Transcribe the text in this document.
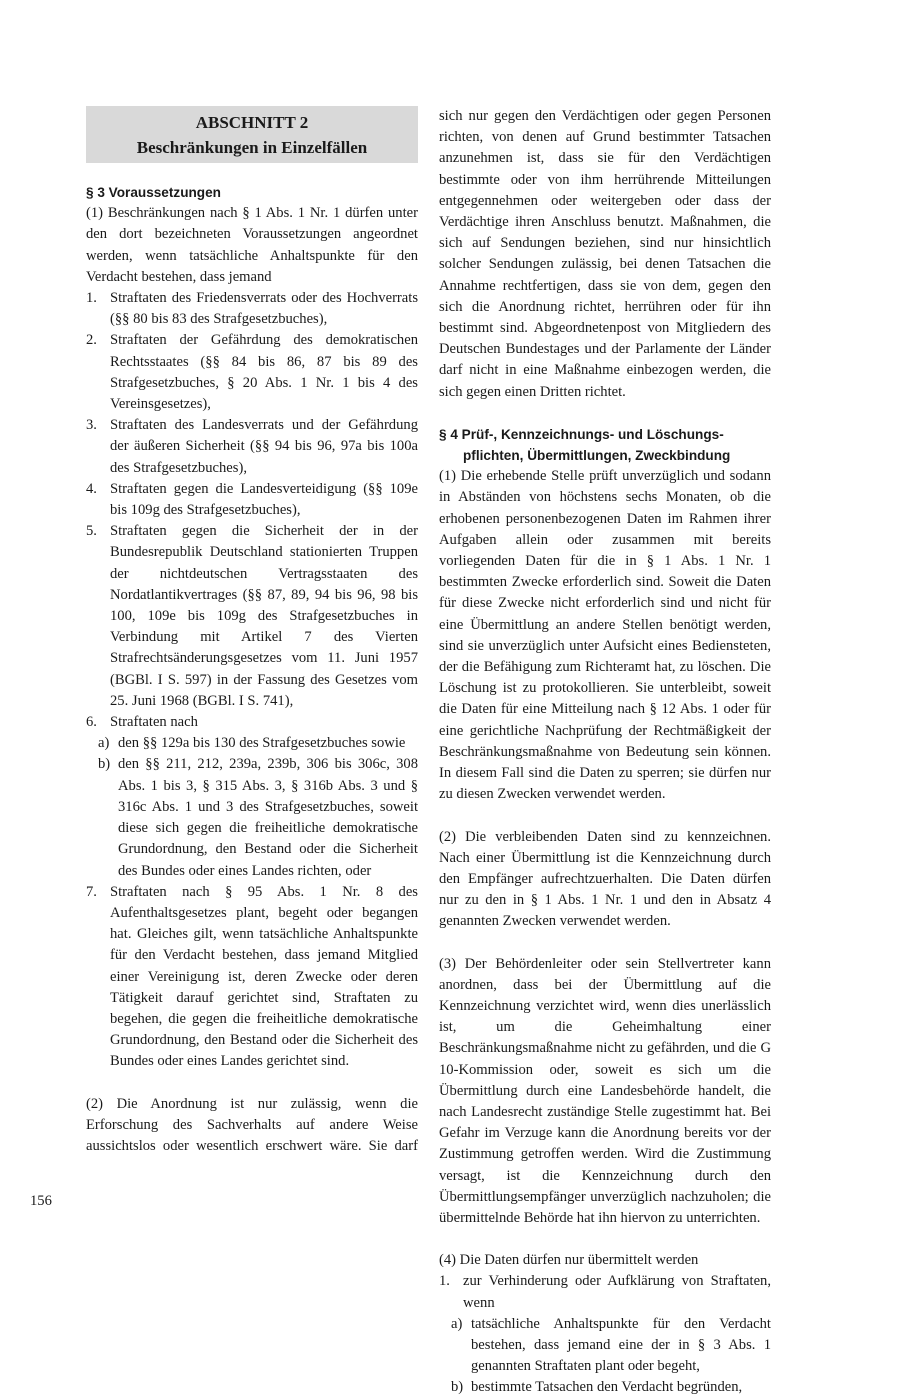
ABSCHNITT 2
Beschränkungen in Einzelfällen
§ 3 Voraussetzungen

(1) Beschränkungen nach § 1 Abs. 1 Nr. 1 dürfen unter den dort bezeichneten Voraussetzungen angeordnet werden, wenn tatsächliche Anhaltspunkte für den Verdacht bestehen, dass jemand

1. Straftaten des Friedensverrats oder des Hochverrats (§§ 80 bis 83 des Strafgesetzbuches),
2. Straftaten der Gefährdung des demokratischen Rechtsstaates (§§ 84 bis 86, 87 bis 89 des Strafgesetzbuches, § 20 Abs. 1 Nr. 1 bis 4 des Vereinsgesetzes),
3. Straftaten des Landesverrats und der Gefährdung der äußeren Sicherheit (§§ 94 bis 96, 97a bis 100a des Strafgesetzbuches),
4. Straftaten gegen die Landesverteidigung (§§ 109e bis 109g des Strafgesetzbuches),
5. Straftaten gegen die Sicherheit der in der Bundesrepublik Deutschland stationierten Truppen der nichtdeutschen Vertragsstaaten des Nordatlantikvertrages (§§ 87, 89, 94 bis 96, 98 bis 100, 109e bis 109g des Strafgesetzbuches in Verbindung mit Artikel 7 des Vierten Strafrechtsänderungsgesetzes vom 11. Juni 1957 (BGBl. I S. 597) in der Fassung des Gesetzes vom 25. Juni 1968 (BGBl. I S. 741),
6. Straftaten nach
a) den §§ 129a bis 130 des Strafgesetzbuches sowie
b) den §§ 211, 212, 239a, 239b, 306 bis 306c, 308 Abs. 1 bis 3, § 315 Abs. 3, § 316b Abs. 3 und § 316c Abs. 1 und 3 des Strafgesetzbuches, soweit diese sich gegen die freiheitliche demokratische Grundordnung, den Bestand oder die Sicherheit des Bundes oder eines Landes richten, oder
7. Straftaten nach § 95 Abs. 1 Nr. 8 des Aufenthaltsgesetzes plant, begeht oder begangen hat. Gleiches gilt, wenn tatsächliche Anhaltspunkte für den Verdacht bestehen, dass jemand Mitglied einer Vereinigung ist, deren Zwecke oder deren Tätigkeit darauf gerichtet sind, Straftaten zu begehen, die gegen die freiheitliche demokratische Grundordnung, den Bestand oder die Sicherheit des Bundes oder eines Landes gerichtet sind.

(2) Die Anordnung ist nur zulässig, wenn die Erforschung des Sachverhalts auf andere Weise aussichtslos oder wesentlich erschwert wäre. Sie darf

sich nur gegen den Verdächtigen oder gegen Personen richten, von denen auf Grund bestimmter Tatsachen anzunehmen ist, dass sie für den Verdächtigen bestimmte oder von ihm herrührende Mitteilungen entgegennehmen oder weitergeben oder dass der Verdächtige ihren Anschluss benutzt. Maßnahmen, die sich auf Sendungen beziehen, sind nur hinsichtlich solcher Sendungen zulässig, bei denen Tatsachen die Annahme rechtfertigen, dass sie von dem, gegen den sich die Anordnung richtet, herrühren oder für ihn bestimmt sind. Abgeordnetenpost von Mitgliedern des Deutschen Bundestages und der Parlamente der Länder darf nicht in eine Maßnahme einbezogen werden, die sich gegen einen Dritten richtet.

§ 4 Prüf-, Kennzeichnungs- und Löschungs-
pflichten, Übermittlungen, Zweckbindung

(1) Die erhebende Stelle prüft unverzüglich und sodann in Abständen von höchstens sechs Monaten, ob die erhobenen personenbezogenen Daten im Rahmen ihrer Aufgaben allein oder zusammen mit bereits vorliegenden Daten für die in § 1 Abs. 1 Nr. 1 bestimmten Zwecke erforderlich sind. Soweit die Daten für diese Zwecke nicht erforderlich sind und nicht für eine Übermittlung an andere Stellen benötigt werden, sind sie unverzüglich unter Aufsicht eines Bediensteten, der die Befähigung zum Richteramt hat, zu löschen. Die Löschung ist zu protokollieren. Sie unterbleibt, soweit die Daten für eine Mitteilung nach § 12 Abs. 1 oder für eine gerichtliche Nachprüfung der Rechtmäßigkeit der Beschränkungsmaßnahme von Bedeutung sein können. In diesem Fall sind die Daten zu sperren; sie dürfen nur zu diesen Zwecken verwendet werden.

(2) Die verbleibenden Daten sind zu kennzeichnen. Nach einer Übermittlung ist die Kennzeichnung durch den Empfänger aufrechtzuerhalten. Die Daten dürfen nur zu den in § 1 Abs. 1 Nr. 1 und den in Absatz 4 genannten Zwecken verwendet werden.

(3) Der Behördenleiter oder sein Stellvertreter kann anordnen, dass bei der Übermittlung auf die Kennzeichnung verzichtet wird, wenn dies unerlässlich ist, um die Geheimhaltung einer Beschränkungsmaßnahme nicht zu gefährden, und die G 10-Kommission oder, soweit es sich um die Übermittlung durch eine Landesbehörde handelt, die nach Landesrecht zuständige Stelle zugestimmt hat. Bei Gefahr im Verzuge kann die Anordnung bereits vor der Zustimmung getroffen werden. Wird die Zustimmung versagt, ist die Kennzeichnung durch den Übermittlungsempfänger unverzüglich nachzuholen; die übermittelnde Behörde hat ihn hiervon zu unterrichten.

(4) Die Daten dürfen nur übermittelt werden

1. zur Verhinderung oder Aufklärung von Straftaten, wenn
a) tatsächliche Anhaltspunkte für den Verdacht bestehen, dass jemand eine der in § 3 Abs. 1 genannten Straftaten plant oder begeht,
b) bestimmte Tatsachen den Verdacht begründen,
156
